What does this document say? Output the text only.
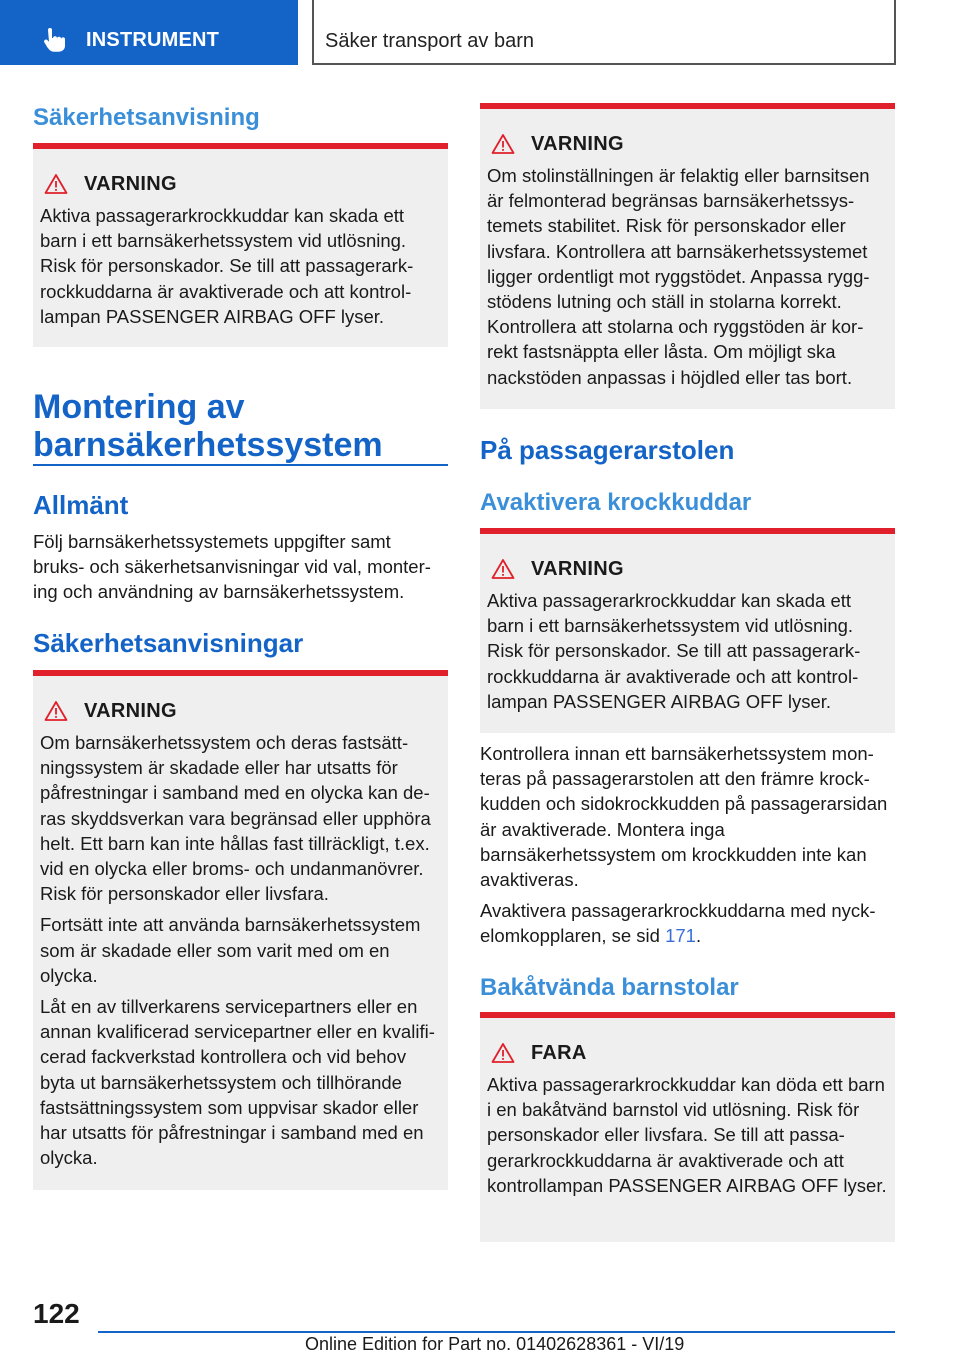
INSTRUMENT	Säker transport av barn
Säkerhetsanvisning
VARNING

Aktiva passagerarkrockkuddar kan skada ett barn i ett barnsäkerhetssystem vid utlösning. Risk för personskador. Se till att passagerarkrockkuddarna är avaktiverade och att kontrollampan PASSENGER AIRBAG OFF lyser.

Montering av barnsäkerhetssystem
Allmänt

Följ barnsäkerhetssystemets uppgifter samt bruks- och säkerhetsanvisningar vid val, montering och användning av barnsäkerhetssystem.

Säkerhetsanvisningar
VARNING

Om barnsäkerhetssystem och deras fastsättningssystem är skadade eller har utsatts för påfrestningar i samband med en olycka kan deras skyddsverkan vara begränsad eller upphöra helt. Ett barn kan inte hållas fast tillräckligt, t.ex. vid en olycka eller broms- och undanmanövrer. Risk för personskador eller livsfara.

Fortsätt inte att använda barnsäkerhetssystem som är skadade eller som varit med om en olycka.

Låt en av tillverkarens servicepartners eller en annan kvalificerad servicepartner eller en kvalificerad fackverkstad kontrollera och vid behov byta ut barnsäkerhetssystem och tillhörande fastsättningssystem som uppvisar skador eller har utsatts för påfrestningar i samband med en olycka.

VARNING

Om stolinställningen är felaktig eller barnsitsen är felmonterad begränsas barnsäkerhetssystemets stabilitet. Risk för personskador eller livsfara. Kontrollera att barnsäkerhetssystemet ligger ordentligt mot ryggstödet. Anpassa ryggstödens lutning och ställ in stolarna korrekt. Kontrollera att stolarna och ryggstöden är korrekt fastsnäppta eller låsta. Om möjligt ska nackstöden anpassas i höjdled eller tas bort.

På passagerarstolen
Avaktivera krockkuddar
VARNING

Aktiva passagerarkrockkuddar kan skada ett barn i ett barnsäkerhetssystem vid utlösning. Risk för personskador. Se till att passagerarkrockkuddarna är avaktiverade och att kontrollampan PASSENGER AIRBAG OFF lyser.

Kontrollera innan ett barnsäkerhetssystem monteras på passagerarstolen att den främre krockkudden och sidokrockkudden på passagerarsidan är avaktiverade. Montera inga barnsäkerhetssystem om krockkudden inte kan avaktiveras.

Avaktivera passagerarkrockkuddarna med nyckelomkopplaren, se sid 171.

Bakåtvända barnstolar
FARA

Aktiva passagerarkrockkuddar kan döda ett barn i en bakåtvänd barnstol vid utlösning. Risk för personskador eller livsfara. Se till att passagerarkrockkuddarna är avaktiverade och att kontrollampan PASSENGER AIRBAG OFF lyser.

122
Online Edition for Part no. 01402628361 - VI/19
